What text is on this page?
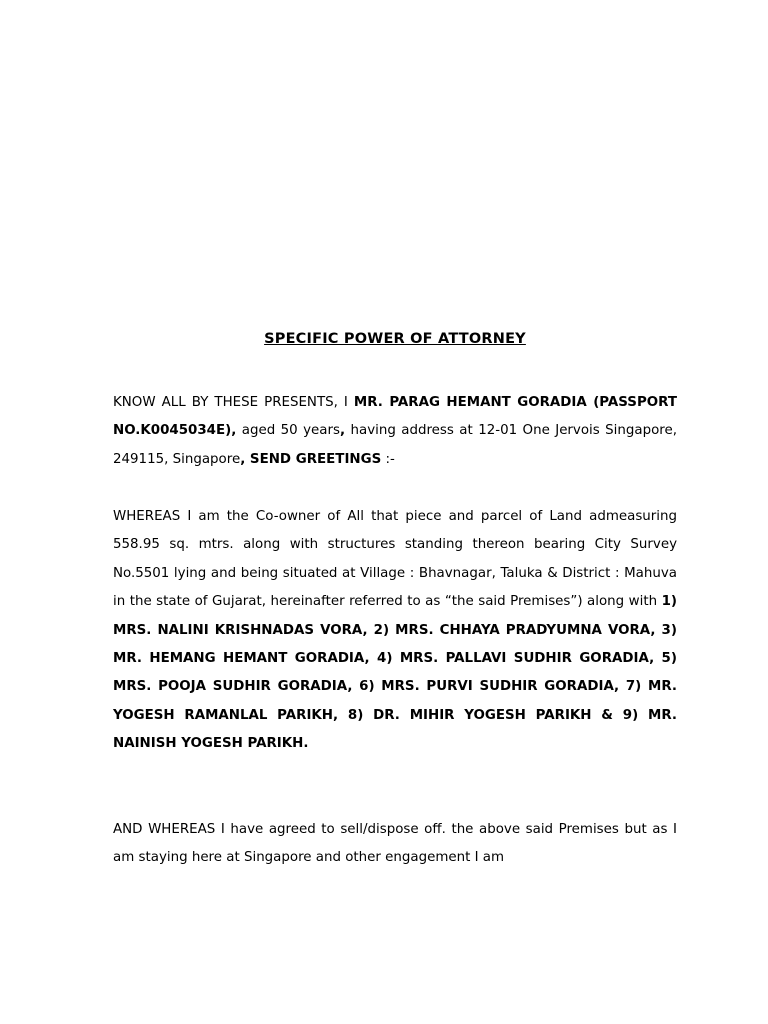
SPECIFIC POWER OF ATTORNEY

KNOW ALL BY THESE PRESENTS, I MR. PARAG HEMANT GORADIA (PASSPORT NO.K0045034E), aged 50 years, having address at 12-01 One Jervois Singapore, 249115, Singapore, SEND GREETINGS :-

WHEREAS I am the Co-owner of All that piece and parcel of Land admeasuring 558.95 sq. mtrs. along with structures standing thereon bearing City Survey No.5501 lying and being situated at Village : Bhavnagar, Taluka & District : Mahuva in the state of Gujarat, hereinafter referred to as “the said Premises”) along with 1) MRS. NALINI KRISHNADAS VORA, 2) MRS. CHHAYA PRADYUMNA VORA, 3) MR. HEMANG HEMANT GORADIA, 4) MRS. PALLAVI SUDHIR GORADIA, 5) MRS. POOJA SUDHIR GORADIA, 6) MRS. PURVI SUDHIR GORADIA, 7) MR. YOGESH RAMANLAL PARIKH, 8) DR. MIHIR YOGESH PARIKH & 9) MR. NAINISH YOGESH PARIKH.

AND WHEREAS I have agreed to sell/dispose off. the above said Premises but as I am staying here at Singapore and other engagement I am
